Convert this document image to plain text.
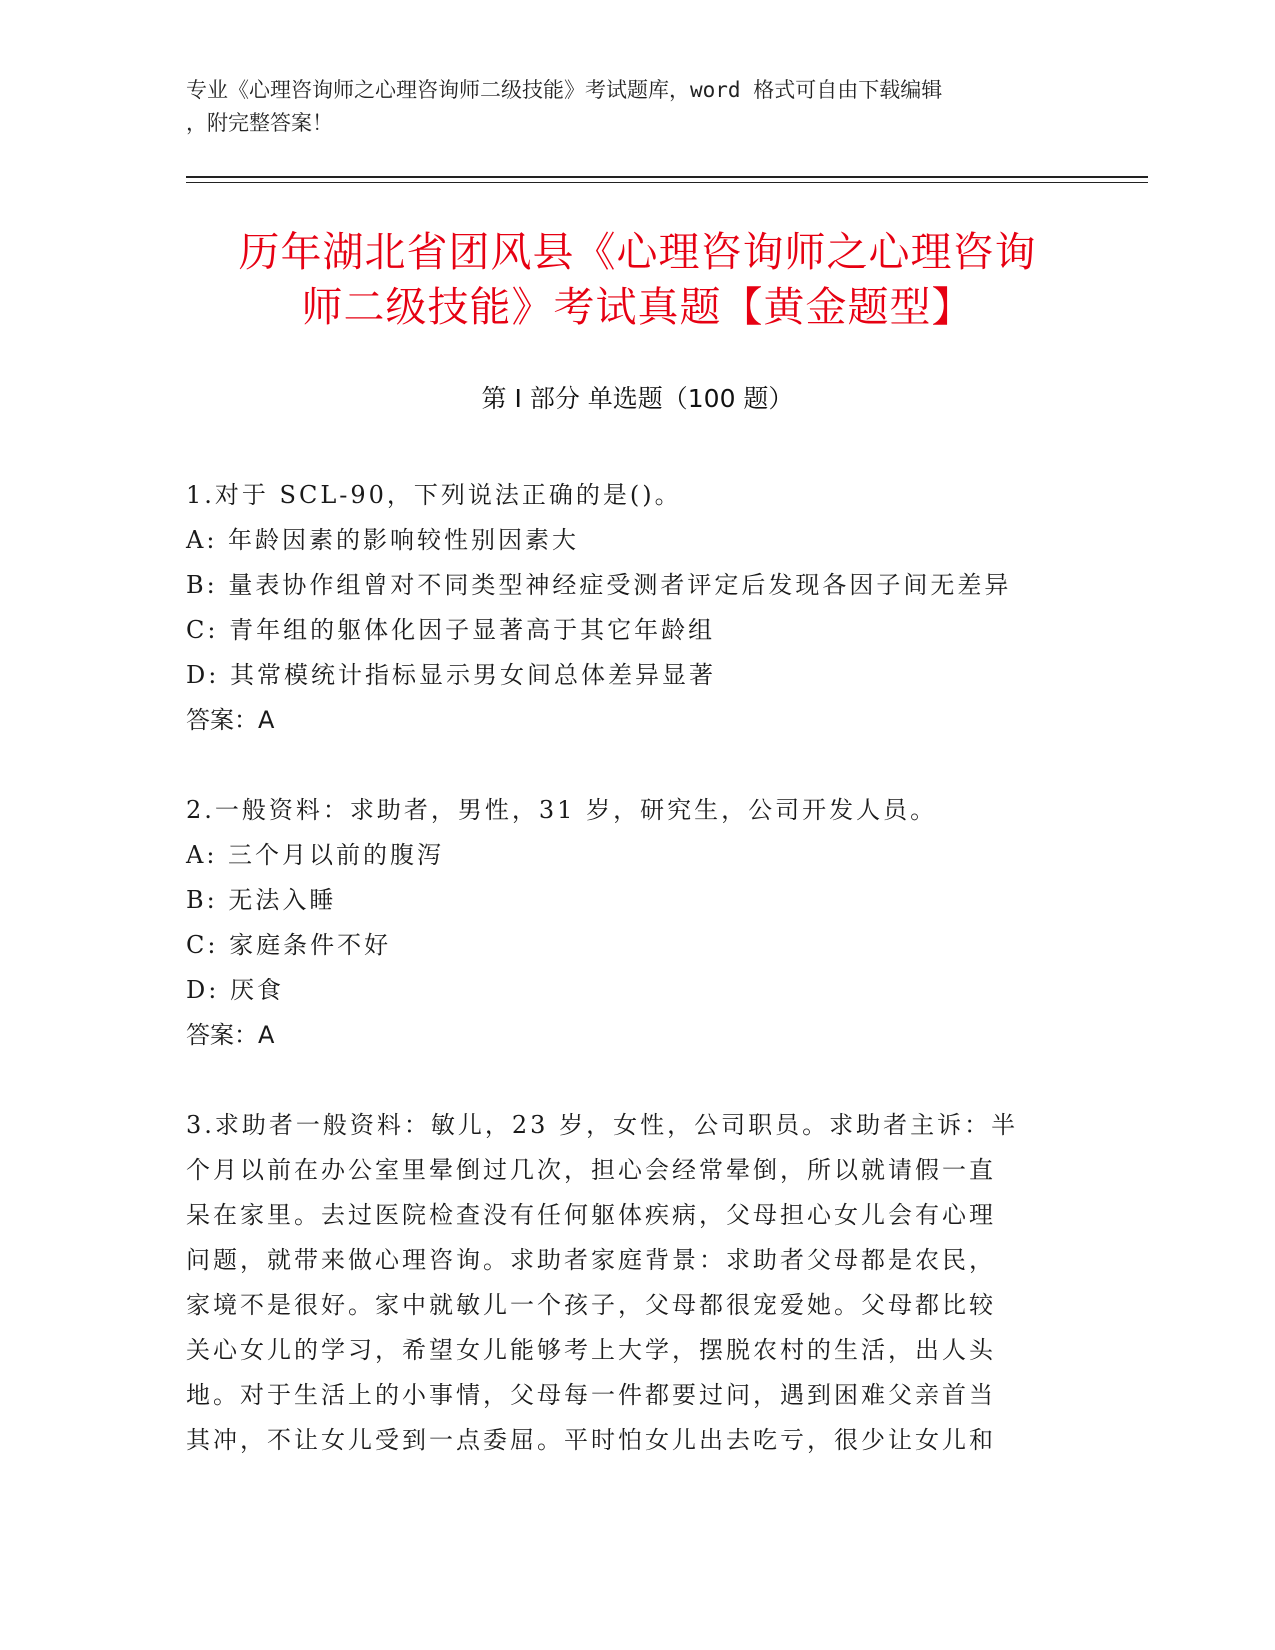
专业《心理咨询师之心理咨询师二级技能》考试题库，word 格式可自由下载编辑
，附完整答案！
历年湖北省团风县《心理咨询师之心理咨询
师二级技能》考试真题【黄金题型】
第 I 部分 单选题（100 题）
1.对于 SCL-90，下列说法正确的是()。
A: 年龄因素的影响较性别因素大
B: 量表协作组曾对不同类型神经症受测者评定后发现各因子间无差异
C: 青年组的躯体化因子显著高于其它年龄组
D: 其常模统计指标显示男女间总体差异显著
答案：A
2.一般资料：求助者，男性，31 岁，研究生，公司开发人员。
A: 三个月以前的腹泻
B: 无法入睡
C: 家庭条件不好
D: 厌食
答案：A
3.求助者一般资料：敏儿，23 岁，女性，公司职员。求助者主诉：半
个月以前在办公室里晕倒过几次，担心会经常晕倒，所以就请假一直
呆在家里。去过医院检查没有任何躯体疾病，父母担心女儿会有心理
问题，就带来做心理咨询。求助者家庭背景：求助者父母都是农民，
家境不是很好。家中就敏儿一个孩子，父母都很宠爱她。父母都比较
关心女儿的学习，希望女儿能够考上大学，摆脱农村的生活，出人头
地。对于生活上的小事情，父母每一件都要过问，遇到困难父亲首当
其冲，不让女儿受到一点委屈。平时怕女儿出去吃亏，很少让女儿和
